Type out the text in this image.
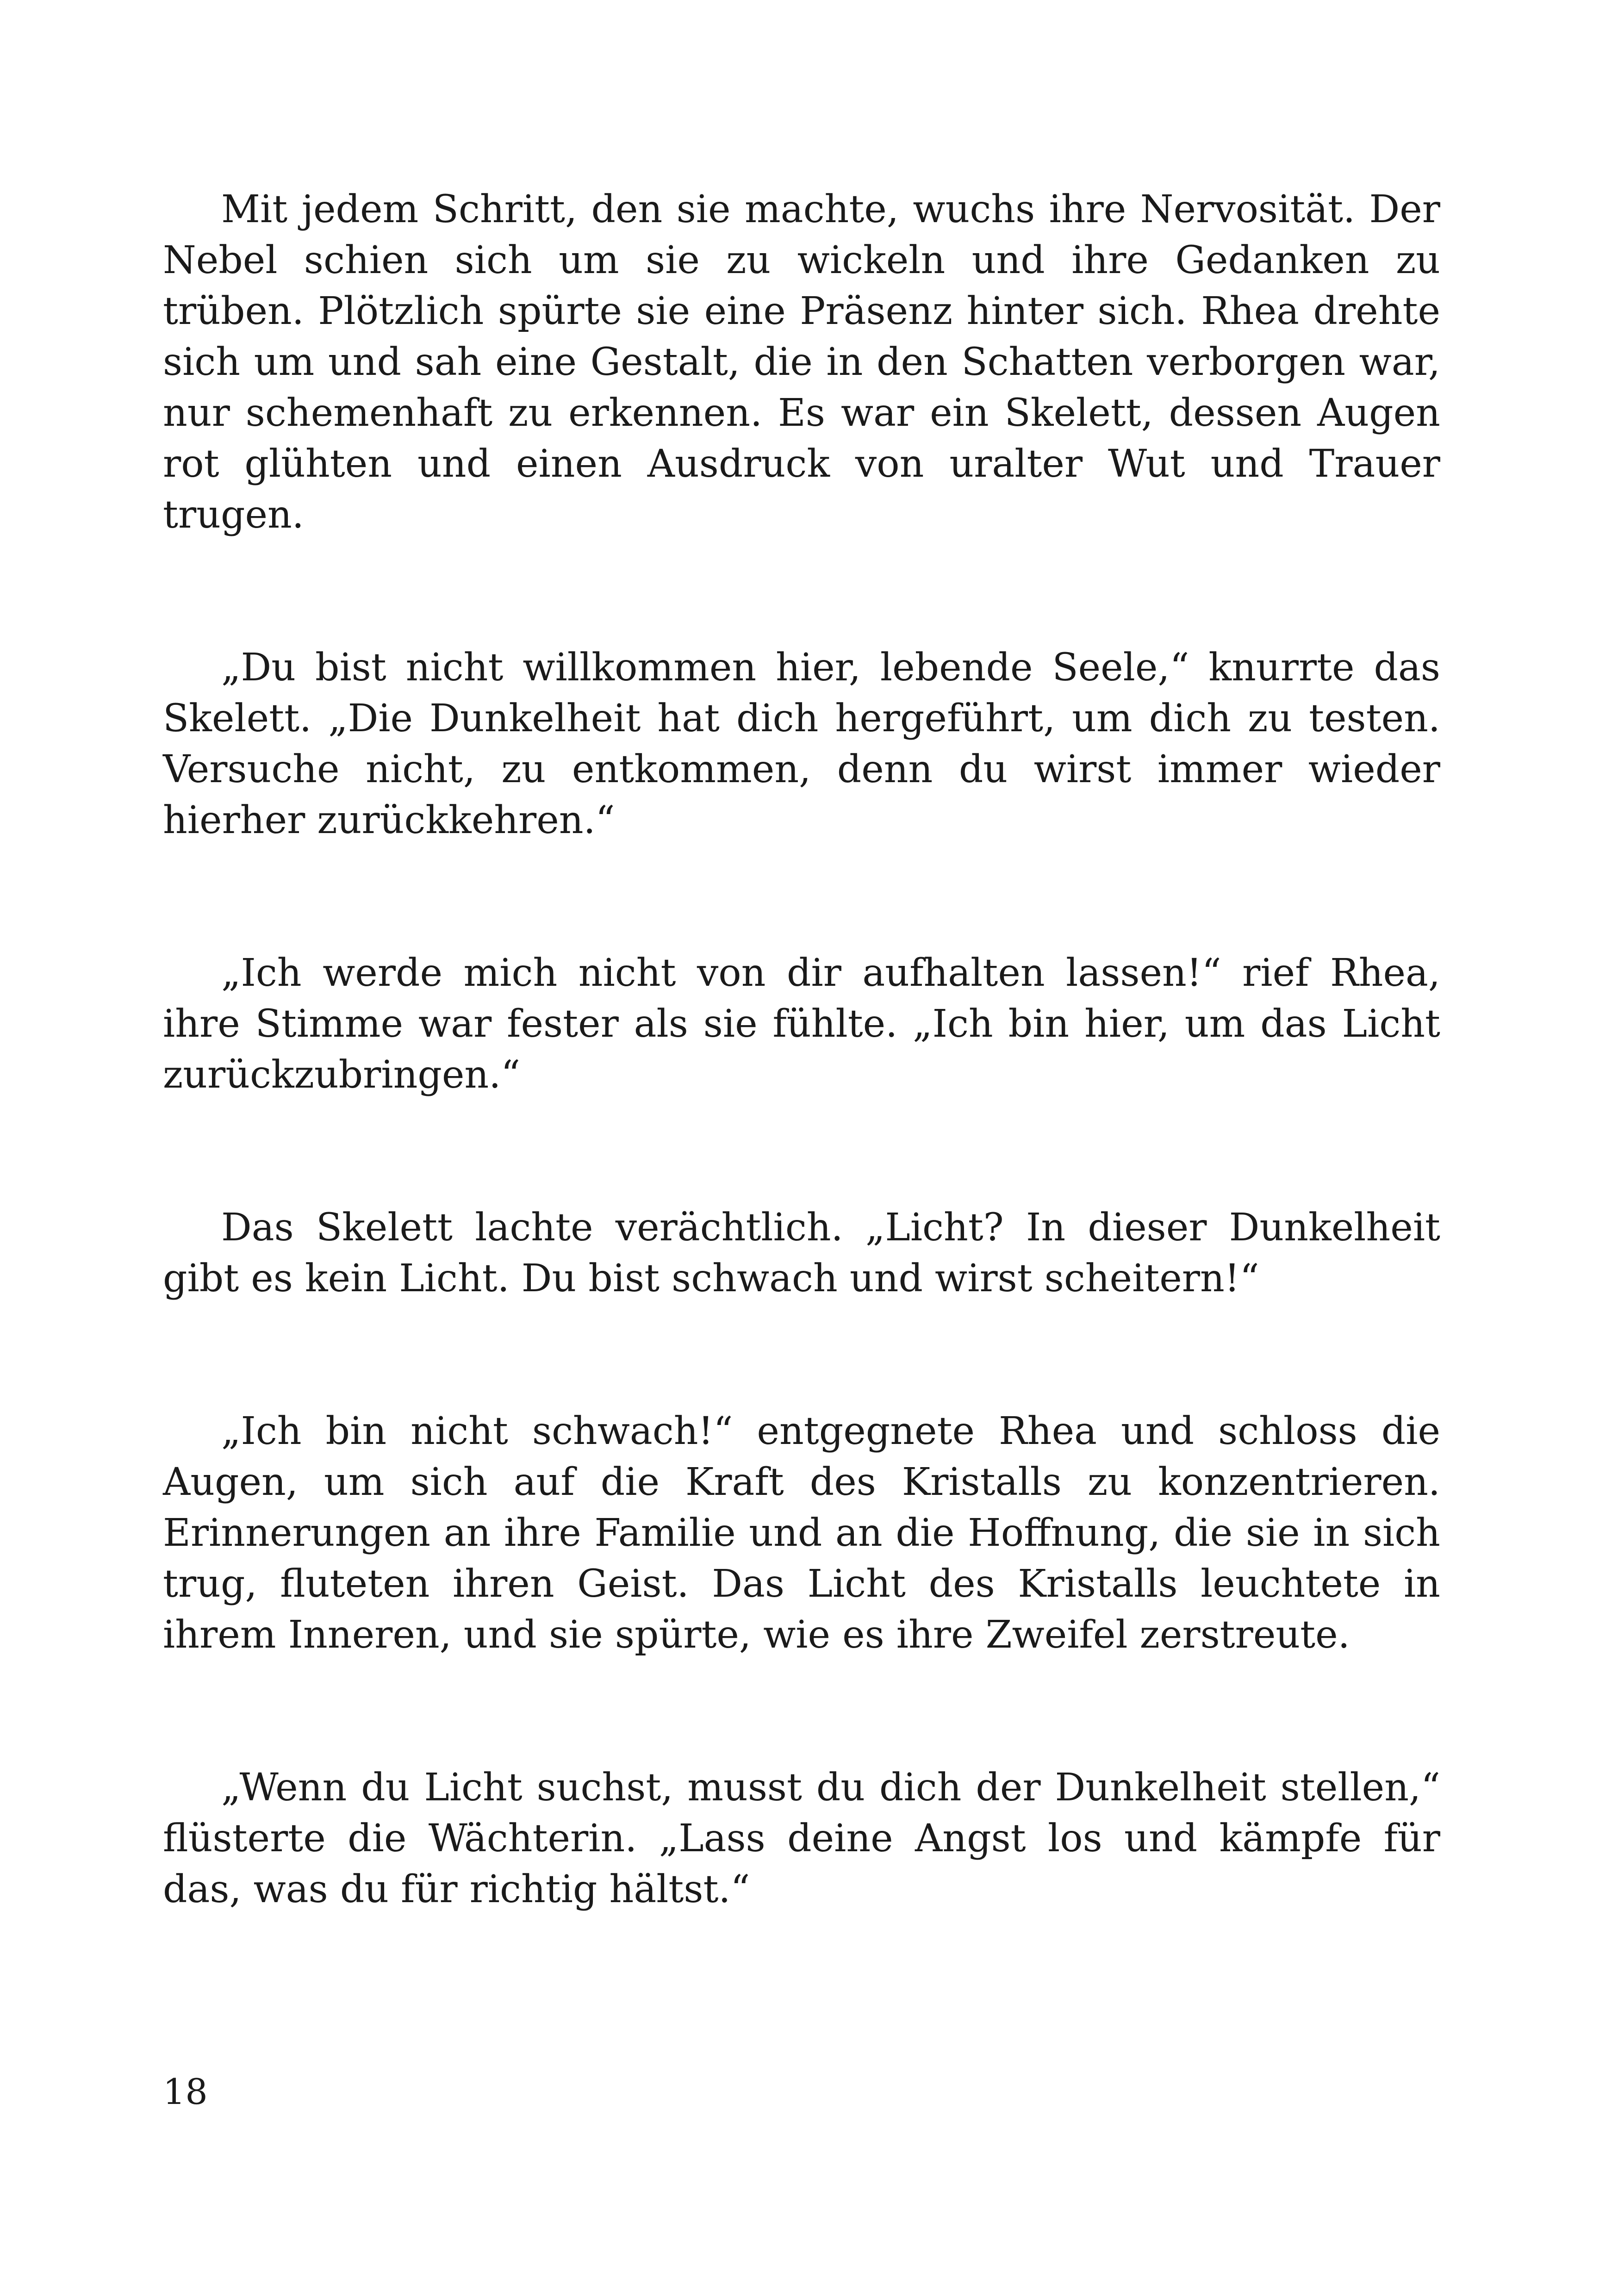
Mit jedem Schritt, den sie machte, wuchs ihre Nervosität. Der Nebel schien sich um sie zu wickeln und ihre Gedanken zu trüben. Plötzlich spürte sie eine Präsenz hinter sich. Rhea drehte sich um und sah eine Gestalt, die in den Schatten verborgen war, nur schemenhaft zu erkennen. Es war ein Skelett, dessen Augen rot glühten und einen Ausdruck von uralter Wut und Trauer trugen.

„Du bist nicht willkommen hier, lebende Seele,“ knurrte das Skelett. „Die Dunkelheit hat dich hergeführt, um dich zu testen. Versuche nicht, zu entkommen, denn du wirst immer wieder hierher zurückkehren.“

„Ich werde mich nicht von dir aufhalten lassen!“ rief Rhea, ihre Stimme war fester als sie fühlte. „Ich bin hier, um das Licht zurückzubringen.“

Das Skelett lachte verächtlich. „Licht? In dieser Dunkelheit gibt es kein Licht. Du bist schwach und wirst scheitern!“

„Ich bin nicht schwach!“ entgegnete Rhea und schloss die Augen, um sich auf die Kraft des Kristalls zu konzentrieren. Erinnerungen an ihre Familie und an die Hoffnung, die sie in sich trug, fluteten ihren Geist. Das Licht des Kristalls leuchtete in ihrem Inneren, und sie spürte, wie es ihre Zweifel zerstreute.

„Wenn du Licht suchst, musst du dich der Dunkelheit stellen,“ flüsterte die Wächterin. „Lass deine Angst los und kämpfe für das, was du für richtig hältst.“

18
